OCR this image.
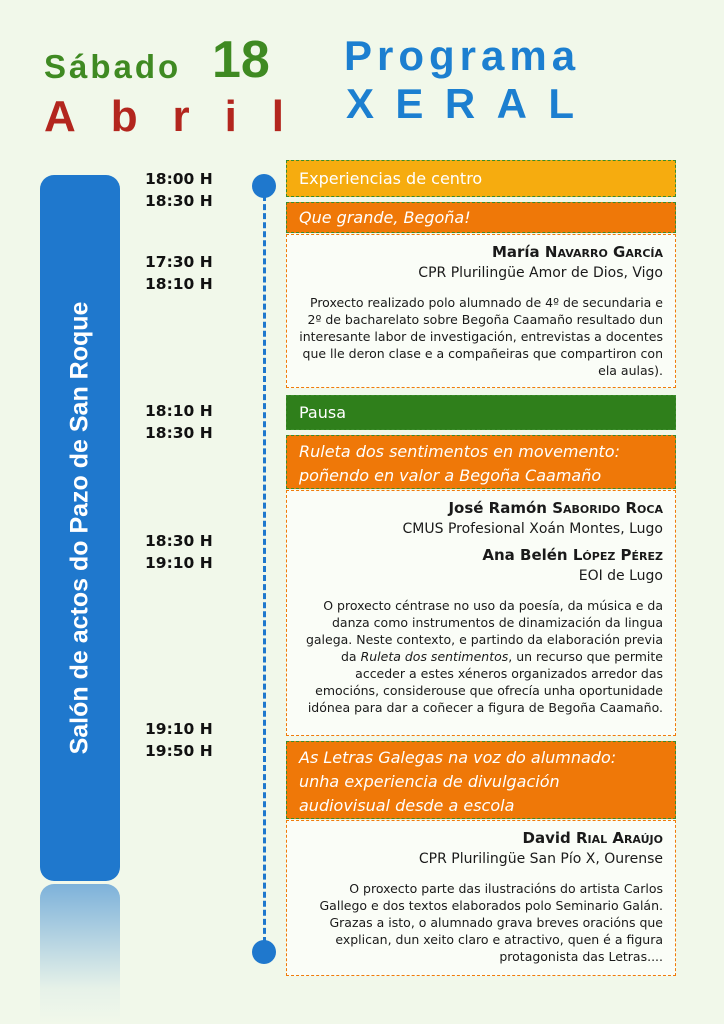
Sábado 18
A b r i l
Programa
X E R A L
Salón de actos do Pazo de San Roque
18:00 H
18:30 H
17:30 H
18:10 H
18:10 H
18:30 H
18:30 H
19:10 H
19:10 H
19:50 H
Experiencias de centro
Que grande, Begoña!
María Navarro García
CPR Plurilingüe Amor de Dios, Vigo
Proxecto realizado polo alumnado de 4º de secundaria e 2º de bacharelato sobre Begoña Caamaño resultado dun interesante labor de investigación, entrevistas a docentes que lle deron clase e a compañeiras que compartiron con ela aulas).
Pausa
Ruleta dos sentimentos en movemento:
poñendo en valor a Begoña Caamaño
José Ramón Saborido Roca
CMUS Profesional Xoán Montes, Lugo
Ana Belén López Pérez
EOI de Lugo
O proxecto céntrase no uso da poesía, da música e da danza como instrumentos de dinamización da lingua galega. Neste contexto, e partindo da elaboración previa da Ruleta dos sentimentos, un recurso que permite acceder a estes xéneros organizados arredor das emocións, considerouse que ofrecía unha oportunidade idónea para dar a coñecer a figura de Begoña Caamaño.
As Letras Galegas na voz do alumnado:
unha experiencia de divulgación
audiovisual desde a escola
David Rial Araújo
CPR Plurilingüe San Pío X, Ourense
O proxecto parte das ilustracións do artista Carlos Gallego e dos textos elaborados polo Seminario Galán. Grazas a isto, o alumnado grava breves oracións que explican, dun xeito claro e atractivo, quen é a figura protagonista das Letras....
